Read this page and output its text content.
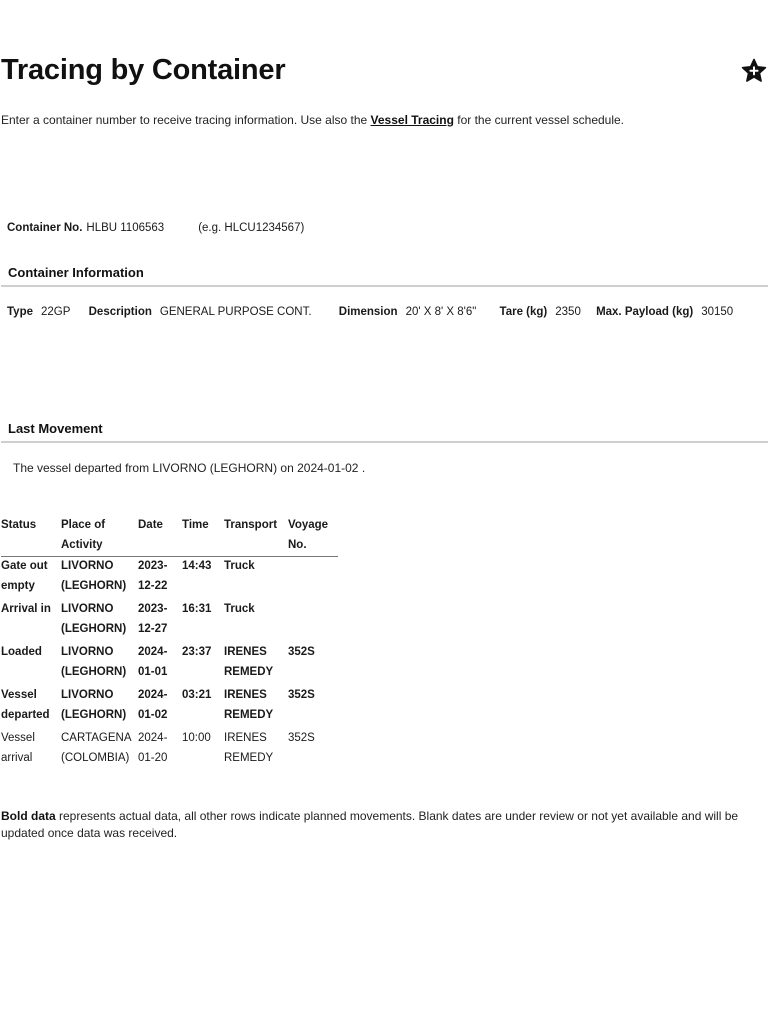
Tracing by Container
Enter a container number to receive tracing information. Use also the Vessel Tracing for the current vessel schedule.
Container No. HLBU 1106563	(e.g. HLCU1234567)
Container Information
Type 22GP Description GENERAL PURPOSE CONT. Dimension 20' X 8' X 8'6" Tare (kg) 2350 Max. Payload (kg) 30150
Last Movement
The vessel departed from LIVORNO (LEGHORN) on 2024-01-02 .
Status	Place of Activity	Date	Time	Transport	Voyage No.
Gate out empty	LIVORNO (LEGHORN)	2023-12-22	14:43	Truck	
Arrival in	LIVORNO (LEGHORN)	2023-12-27	16:31	Truck	
Loaded	LIVORNO (LEGHORN)	2024-01-01	23:37	IRENES REMEDY	352S
Vessel departed	LIVORNO (LEGHORN)	2024-01-02	03:21	IRENES REMEDY	352S
Vessel arrival	CARTAGENA (COLOMBIA)	2024-01-20	10:00	IRENES REMEDY	352S
Bold data represents actual data, all other rows indicate planned movements. Blank dates are under review or not yet available and will be updated once data was received.
